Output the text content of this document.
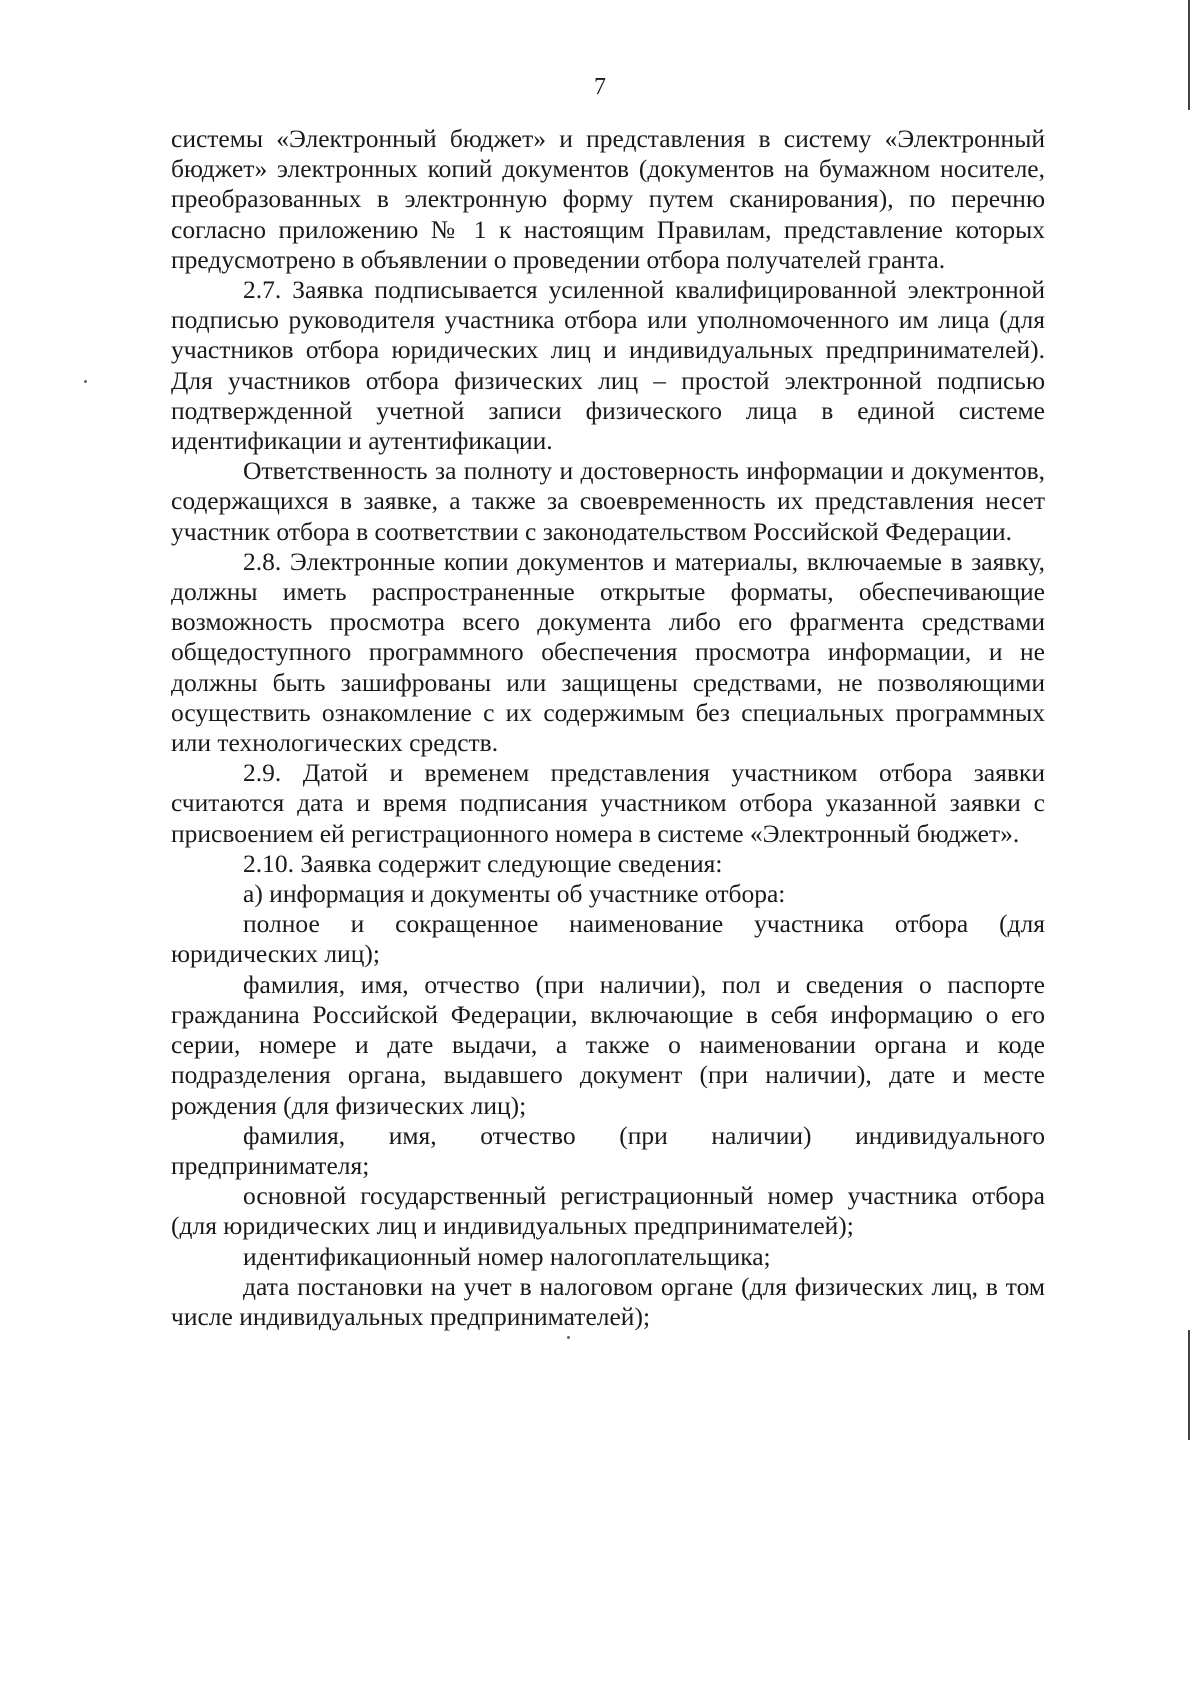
7

системы «Электронный бюджет» и представления в систему «Электронный бюджет» электронных копий документов (документов на бумажном носителе, преобразованных в электронную форму путем сканирования), по перечню согласно приложению № 1 к настоящим Правилам, представление которых предусмотрено в объявлении о проведении отбора получателей гранта.

2.7. Заявка подписывается усиленной квалифицированной электронной подписью руководителя участника отбора или уполномоченного им лица (для участников отбора юридических лиц и индивидуальных предпринимателей). Для участников отбора физических лиц – простой электронной подписью подтвержденной учетной записи физического лица в единой системе идентификации и аутентификации.

Ответственность за полноту и достоверность информации и документов, содержащихся в заявке, а также за своевременность их представления несет участник отбора в соответствии с законодательством Российской Федерации.

2.8. Электронные копии документов и материалы, включаемые в заявку, должны иметь распространенные открытые форматы, обеспечивающие возможность просмотра всего документа либо его фрагмента средствами общедоступного программного обеспечения просмотра информации, и не должны быть зашифрованы или защищены средствами, не позволяющими осуществить ознакомление с их содержимым без специальных программных или технологических средств.

2.9. Датой и временем представления участником отбора заявки считаются дата и время подписания участником отбора указанной заявки с присвоением ей регистрационного номера в системе «Электронный бюджет».

2.10. Заявка содержит следующие сведения:

а) информация и документы об участнике отбора:

полное и сокращенное наименование участника отбора (для юридических лиц);

фамилия, имя, отчество (при наличии), пол и сведения о паспорте гражданина Российской Федерации, включающие в себя информацию о его серии, номере и дате выдачи, а также о наименовании органа и коде подразделения органа, выдавшего документ (при наличии), дате и месте рождения (для физических лиц);

фамилия, имя, отчество (при наличии) индивидуального предпринимателя;

основной государственный регистрационный номер участника отбора (для юридических лиц и индивидуальных предпринимателей);

идентификационный номер налогоплательщика;

дата постановки на учет в налоговом органе (для физических лиц, в том числе индивидуальных предпринимателей);
